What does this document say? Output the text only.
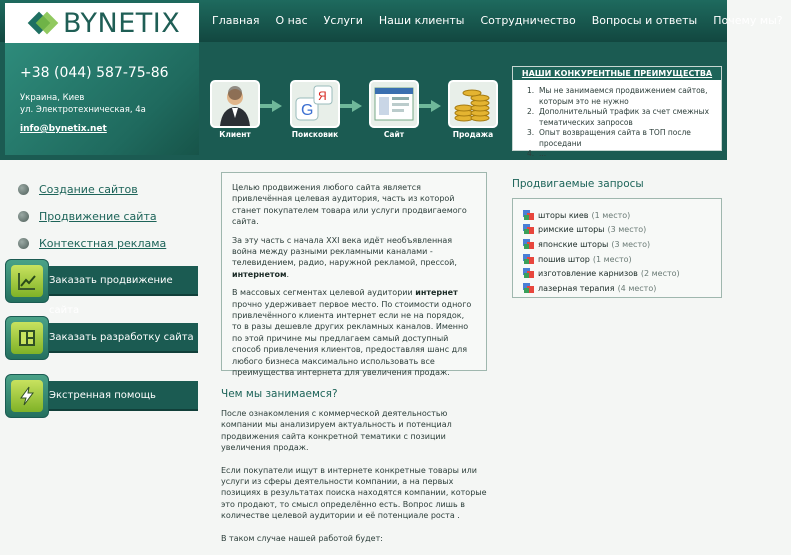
BYNETIX	Главная О нас Услуги Наши клиенты Сотрудничество Вопросы и ответы Почему мы?
+38 (044) 587-75-86
Украина, Киев
ул. Электротехническая, 4а
info@bynetix.net
Клиент
G
Я
Поисковик	Сайт	Продажа
НАШИ КОНКУРЕНТНЫЕ ПРЕИМУЩЕСТВА
1. Мы не занимаемся продвижением сайтов, которым это не нужно
2. Дополнительный трафик за счет смежных тематических запросов
3. Опыт возвращения сайта в ТОП после проседани
4. ...
Создание сайтов
Продвижение сайта
Контекстная реклама
Заказать продвижение сайта
Заказать разработку сайта
Экстренная помощь

Целью продвижения любого сайта является привлечённая целевая аудитория, часть из которой станет покупателем товара или услуги продвигаемого сайта.

За эту часть с начала XXI века идёт необъявленная война между разными рекламными каналами - телевидением, радио, наружной рекламой, прессой, интернетом.

В массовых сегментах целевой аудитории интернет прочно удерживает первое место. По стоимости одного привлечённого клиента интернет если не на порядок, то в разы дешевле других рекламных каналов. Именно по этой причине мы предлагаем самый доступный способ привлечения клиентов, предоставляя шанс для любого бизнеса максимально использовать все преимущества интернета для увеличения продаж.

Чем мы занимаемся?

После ознакомления с коммерческой деятельностью компании мы анализируем актуальность и потенциал продвижения сайта конкретной тематики с позиции увеличения продаж.

Если покупатели ищут в интернете конкретные товары или услуги из сферы деятельности компании, а на первых позициях в результатах поиска находятся компании, которые это продают, то смысл определённо есть. Вопрос лишь в количестве целевой аудитории и её потенциале роста .

В таком случае нашей работой будет:

Продвигаемые запросы
шторы киев (1 место)
римские шторы (3 место)
японские шторы (3 место)
пошив штор (1 место)
изготовление карнизов (2 место)
лазерная терапия (4 место)
